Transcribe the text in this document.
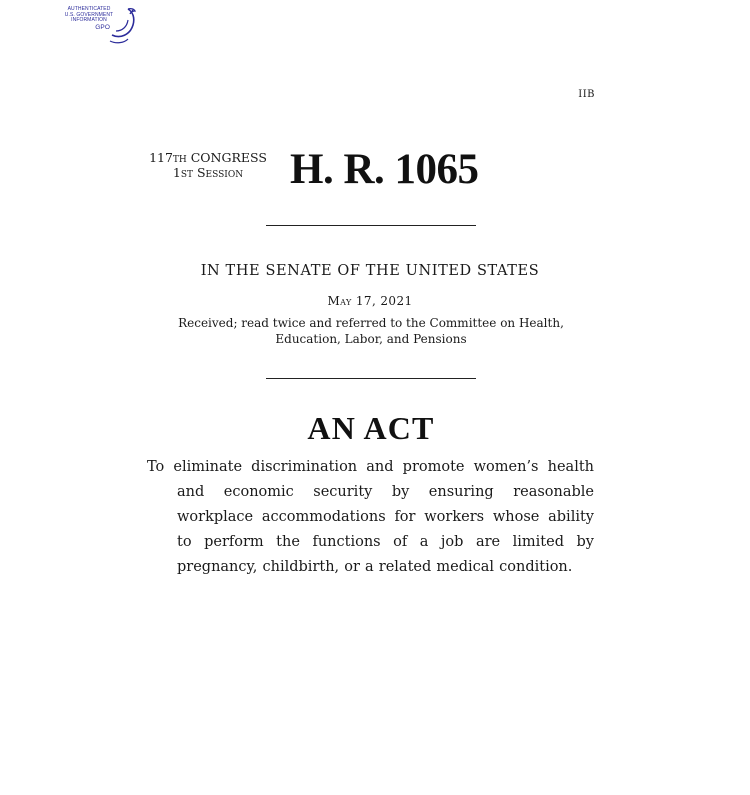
AUTHENTICATED
U.S. GOVERNMENT
INFORMATION
GPO
IIB
117th CONGRESS
1st Session	H. R. 1065
IN THE SENATE OF THE UNITED STATES
May 17, 2021
Received; read twice and referred to the Committee on Health, Education, Labor, and Pensions
AN ACT
To eliminate discrimination and promote women’s health and economic security by ensuring reasonable workplace accommodations for workers whose ability to perform the functions of a job are limited by pregnancy, childbirth, or a related medical condition.
